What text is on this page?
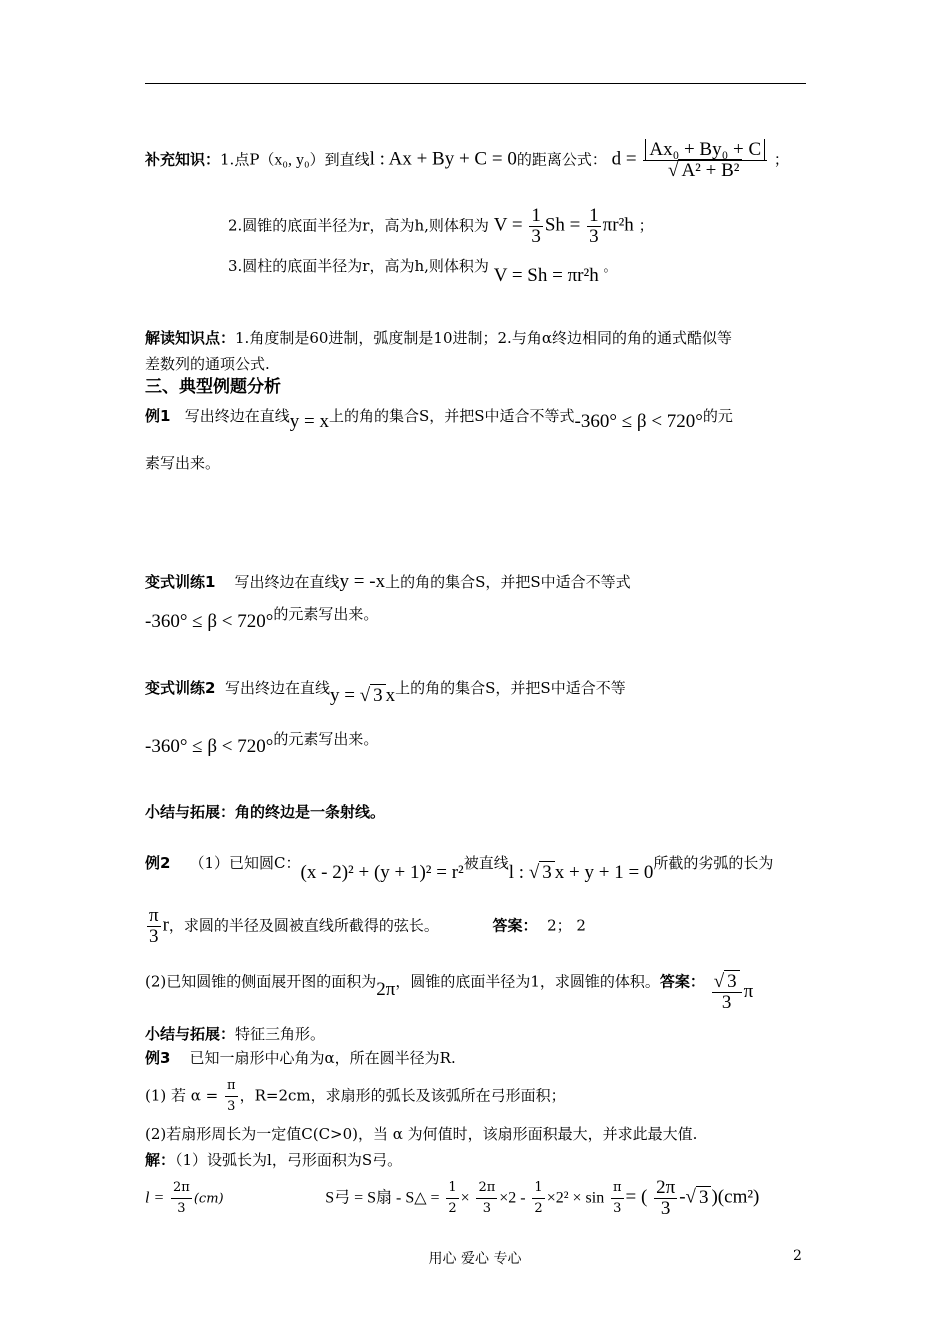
补充知识：1.点P（x₀, y₀）到直线l : Ax + By + C = 0的距离公式： $d = \frac{\text{Ax₀ + By₀ + C}}{\text{√ A² + B²}}$ ；
2.圆锥的底面半径为r，高为h,则体积为 $V = \frac{1}{3}$ $Sh = \frac{1}{3} \pi r^2h$ ；
3.圆柱的底面半径为r，高为h,则体积为 V = Sh = πr²h 。
解读知识点：1.角度制是60进制，弧度制是10进制；2.与角α终边相同的角的通式酷似等
差数列的通项公式.
三、典型例题分析
例1 写出终边在直线y = x上的角的集合S，并把S中适合不等式-360° ≤ β < 720°的元
素写出来。
变式训练1 写出终边在直线y = -x上的角的集合S，并把S中适合不等式
-360° ≤ β < 720°的元素写出来。
变式训练2 写出终边在直线y = √ 3 x上的角的集合S，并把S中适合不等
-360° ≤ β < 720°的元素写出来。
小结与拓展：角的终边是一条射线。
例2 （1）已知圆C：(x - 2)² + (y + 1)² = r²被直线l : √ 3 x + y + 1 = 0所截的劣弧的长为
$\frac{\pi}{3}$ r，求圆的半径及圆被直线所截得的弦长。	答案： 2； 2
(2)已知圆锥的侧面展开图的面积为2π，圆锥的底面半径为1，求圆锥的体积。答案： $\frac{√ 3}{3}$ π
小结与拓展：特征三角形。
例3 已知一扇形中心角为α，所在圆半径为R.
(1) 若 $\alpha = \frac{\pi}{3}$ ，R=2cm，求扇形的弧长及该弧所在弓形面积；
(2)若扇形周长为一定值C(C>0)，当 α 为何值时，该扇形面积最大，并求此最大值.
解：（1）设弧长为l，弓形面积为S弓。
$l = \frac{2\pi}{3} (cm)$	S弓 = S扇 - S△ = $\frac{1}{2} \times \frac{2\pi}{3} \times 2 - \frac{1}{2} \times 2^2 \times \sin \frac{\pi}{3}$ = ( $\frac{2\pi}{3}$ -√ 3 )(cm²)
用心 爱心 专心	2
